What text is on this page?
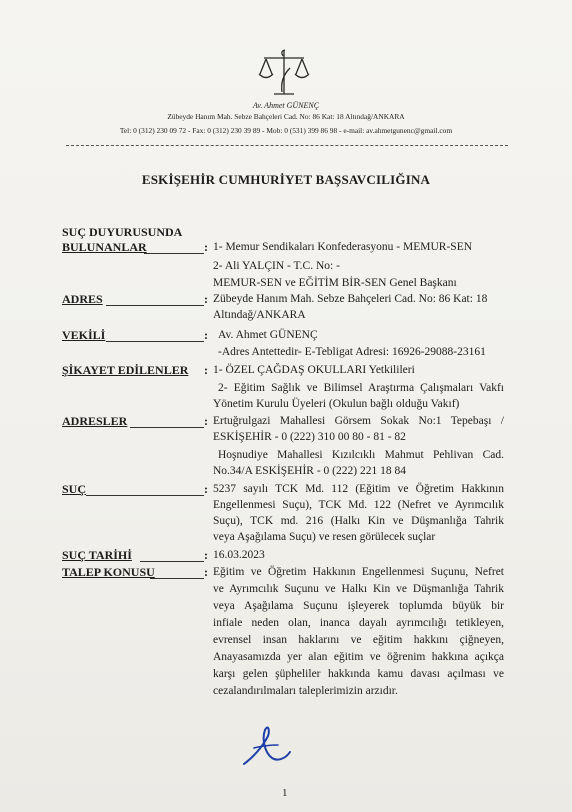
Av. Ahmet GÜNENÇ
Zübeyde Hanım Mah. Sebze Bahçeleri Cad. No: 86 Kat: 18 Altındağ/ANKARA
Tel: 0 (312) 230 09 72 - Fax: 0 (312) 230 39 89 - Mob: 0 (531) 399 86 98 - e-mail: av.ahmetgunenc@gmail.com
ESKİŞEHİR CUMHURİYET BAŞSAVCILIĞINA
SUÇ DUYURUSUNDA
BULUNANLAR	: 1- Memur Sendikaları Konfederasyonu - MEMUR-SEN
2- Ali YALÇIN - T.C. No: -
MEMUR-SEN ve EĞİTİM BİR-SEN Genel Başkanı
ADRES	: Zübeyde Hanım Mah. Sebze Bahçeleri Cad. No: 86 Kat: 18
Altındağ/ANKARA
VEKİLİ	: Av. Ahmet GÜNENÇ
-Adres Antettedir- E-Tebligat Adresi: 16926-29088-23161
ŞİKAYET EDİLENLER : 1- ÖZEL ÇAĞDAŞ OKULLARI Yetkilileri
2- Eğitim Sağlık ve Bilimsel Araştırma Çalışmaları Vakfı
Yönetim Kurulu Üyeleri (Okulun bağlı olduğu Vakıf)
ADRESLER	: Ertuğrulgazi Mahallesi Görsem Sokak No:1 Tepebaşı /
ESKİŞEHİR - 0 (222) 310 00 80 - 81 - 82
Hoşnudiye Mahallesi Kızılcıklı Mahmut Pehlivan Cad.
No.34/A ESKİŞEHİR - 0 (222) 221 18 84
SUÇ	: 5237 sayılı TCK Md. 112 (Eğitim ve Öğretim Hakkının
Engellenmesi Suçu), TCK Md. 122 (Nefret ve Ayrımcılık
Suçu), TCK md. 216 (Halkı Kin ve Düşmanlığa Tahrik
veya Aşağılama Suçu) ve resen görülecek suçlar
SUÇ TARİHİ	: 16.03.2023
TALEP KONUSU	: Eğitim ve Öğretim Hakkının Engellenmesi Suçunu, Nefret
ve Ayrımcılık Suçunu ve Halkı Kin ve Düşmanlığa Tahrik
veya Aşağılama Suçunu işleyerek toplumda büyük bir
infiale neden olan, inanca dayalı ayrımcılığı tetikleyen,
evrensel insan haklarını ve eğitim hakkını çiğneyen,
Anayasamızda yer alan eğitim ve öğrenim hakkına açıkça
karşı gelen şüpheliler hakkında kamu davası açılması ve
cezalandırılmaları taleplerimizin arzıdır.
1
